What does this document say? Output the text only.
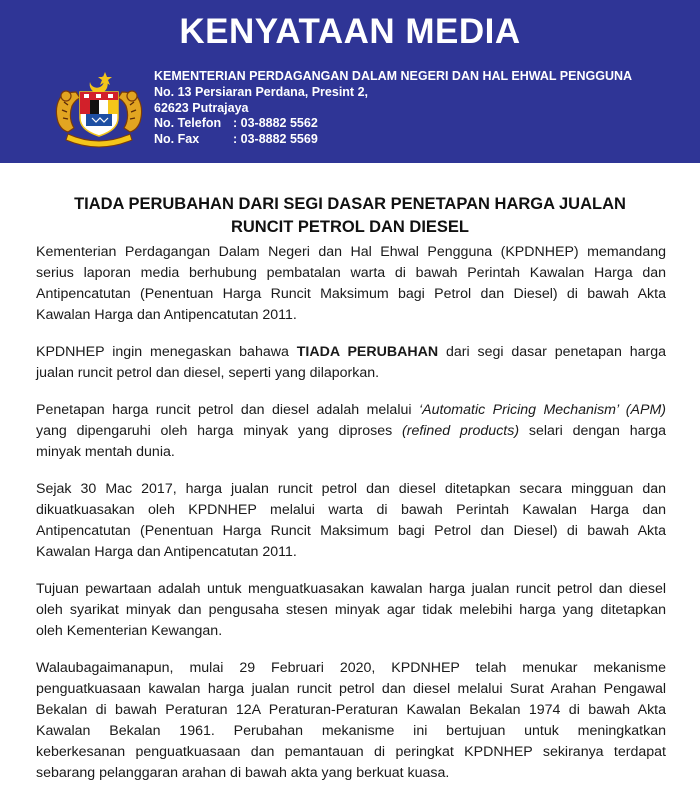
KENYATAAN MEDIA
KEMENTERIAN PERDAGANGAN DALAM NEGERI DAN HAL EHWAL PENGGUNA
No. 13 Persiaran Perdana, Presint 2,
62623 Putrajaya
No. Telefon : 03-8882 5562
No. Fax	: 03-8882 5569
TIADA PERUBAHAN DARI SEGI DASAR PENETAPAN HARGA JUALAN
RUNCIT PETROL DAN DIESEL
Kementerian Perdagangan Dalam Negeri dan Hal Ehwal Pengguna (KPDNHEP) memandang
serius laporan media berhubung pembatalan warta di bawah Perintah Kawalan Harga dan
Antipencatutan (Penentuan Harga Runcit Maksimum bagi Petrol dan Diesel) di bawah Akta
Kawalan Harga dan Antipencatutan 2011.
KPDNHEP ingin menegaskan bahawa TIADA PERUBAHAN dari segi dasar penetapan harga
jualan runcit petrol dan diesel, seperti yang dilaporkan.
Penetapan harga runcit petrol dan diesel adalah melalui ‘Automatic Pricing Mechanism’ (APM)
yang dipengaruhi oleh harga minyak yang diproses (refined products) selari dengan harga
minyak mentah dunia.
Sejak 30 Mac 2017, harga jualan runcit petrol dan diesel ditetapkan secara mingguan dan
dikuatkuasakan oleh KPDNHEP melalui warta di bawah Perintah Kawalan Harga dan
Antipencatutan (Penentuan Harga Runcit Maksimum bagi Petrol dan Diesel) di bawah Akta
Kawalan Harga dan Antipencatutan 2011.
Tujuan pewartaan adalah untuk menguatkuasakan kawalan harga jualan runcit petrol dan diesel
oleh syarikat minyak dan pengusaha stesen minyak agar tidak melebihi harga yang ditetapkan
oleh Kementerian Kewangan.
Walaubagaimanapun, mulai 29 Februari 2020, KPDNHEP telah menukar mekanisme
penguatkuasaan kawalan harga jualan runcit petrol dan diesel melalui Surat Arahan Pengawal
Bekalan di bawah Peraturan 12A Peraturan-Peraturan Kawalan Bekalan 1974 di bawah Akta
Kawalan Bekalan 1961. Perubahan mekanisme ini bertujuan untuk meningkatkan
keberkesanan penguatkuasaan dan pemantauan di peringkat KPDNHEP sekiranya terdapat
sebarang pelanggaran arahan di bawah akta yang berkuat kuasa.
